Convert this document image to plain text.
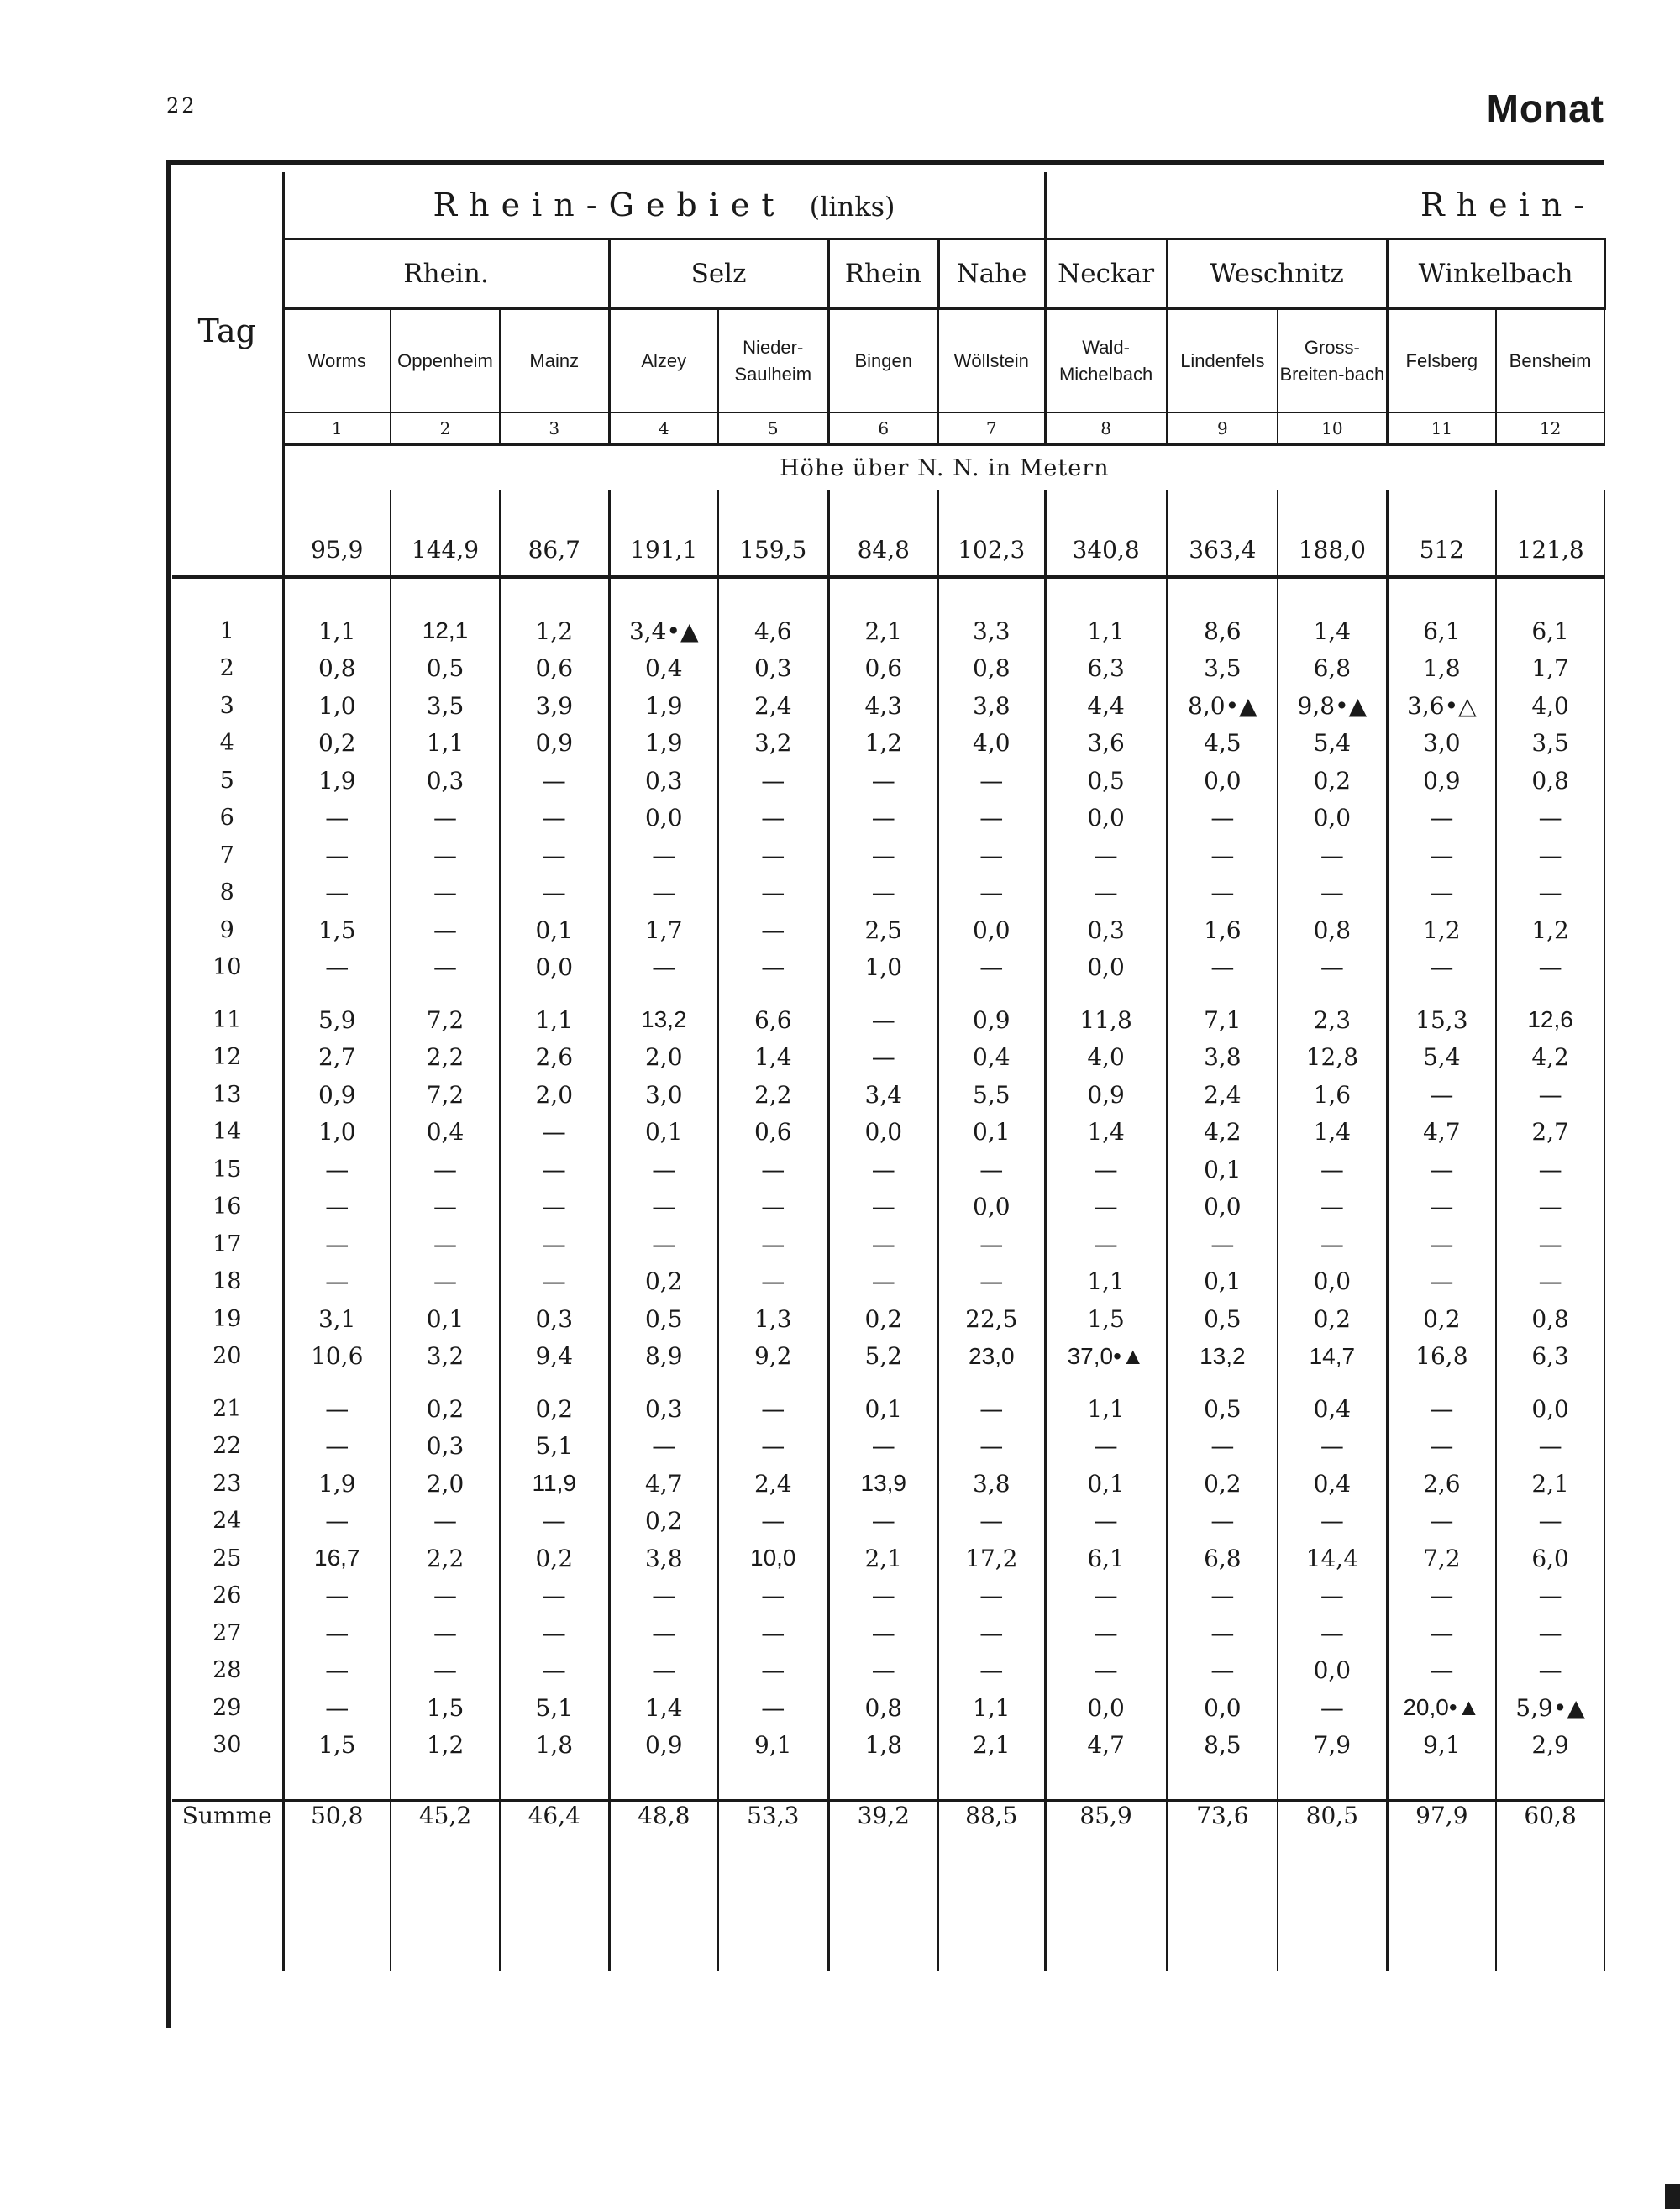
22	Monat
Tag	Rhein-Gebiet (links)							Rhein-				
	Rhein.			Selz		Rhein	Nahe	Neckar	Weschnitz		Winkelbach	
	Worms	Oppenheim	Mainz	Alzey	Nieder-Saulheim	Bingen	Wöllstein	Wald-Michelbach	Lindenfels	Gross-Breiten-bach	Felsberg	Bensheim
	1	2	3	4	5	6	7	8	9	10	11	12
	Höhe über N. N. in Metern											
	95,9	144,9	86,7	191,1	159,5	84,8	102,3	340,8	363,4	188,0	512	121,8

1	1,1	12,1	1,2	3,4•▲	4,6	2,1	3,3	1,1	8,6	1,4	6,1	6,1
2	0,8	0,5	0,6	0,4	0,3	0,6	0,8	6,3	3,5	6,8	1,8	1,7
3	1,0	3,5	3,9	1,9	2,4	4,3	3,8	4,4	8,0•▲	9,8•▲	3,6•△	4,0
4	0,2	1,1	0,9	1,9	3,2	1,2	4,0	3,6	4,5	5,4	3,0	3,5
5	1,9	0,3	—	0,3	—	—	—	0,5	0,0	0,2	0,9	0,8
6	—	—	—	0,0	—	—	—	0,0	—	0,0	—	—
7	—	—	—	—	—	—	—	—	—	—	—	—
8	—	—	—	—	—	—	—	—	—	—	—	—
9	1,5	—	0,1	1,7	—	2,5	0,0	0,3	1,6	0,8	1,2	1,2
10	—	—	0,0	—	—	1,0	—	0,0	—	—	—	—
11	5,9	7,2	1,1	13,2	6,6	—	0,9	11,8	7,1	2,3	15,3	12,6
12	2,7	2,2	2,6	2,0	1,4	—	0,4	4,0	3,8	12,8	5,4	4,2
13	0,9	7,2	2,0	3,0	2,2	3,4	5,5	0,9	2,4	1,6	—	—
14	1,0	0,4	—	0,1	0,6	0,0	0,1	1,4	4,2	1,4	4,7	2,7
15	—	—	—	—	—	—	—	—	0,1	—	—	—
16	—	—	—	—	—	—	0,0	—	0,0	—	—	—
17	—	—	—	—	—	—	—	—	—	—	—	—
18	—	—	—	0,2	—	—	—	1,1	0,1	0,0	—	—
19	3,1	0,1	0,3	0,5	1,3	0,2	22,5	1,5	0,5	0,2	0,2	0,8
20	10,6	3,2	9,4	8,9	9,2	5,2	23,0	37,0•▲	13,2	14,7	16,8	6,3
21	—	0,2	0,2	0,3	—	0,1	—	1,1	0,5	0,4	—	0,0
22	—	0,3	5,1	—	—	—	—	—	—	—	—	—
23	1,9	2,0	11,9	4,7	2,4	13,9	3,8	0,1	0,2	0,4	2,6	2,1
24	—	—	—	0,2	—	—	—	—	—	—	—	—
25	16,7	2,2	0,2	3,8	10,0	2,1	17,2	6,1	6,8	14,4	7,2	6,0
26	—	—	—	—	—	—	—	—	—	—	—	—
27	—	—	—	—	—	—	—	—	—	—	—	—
28	—	—	—	—	—	—	—	—	—	0,0	—	—
29	—	1,5	5,1	1,4	—	0,8	1,1	0,0	0,0	—	20,0•▲	5,9•▲
30	1,5	1,2	1,8	0,9	9,1	1,8	2,1	4,7	8,5	7,9	9,1	2,9

Summe	50,8	45,2	46,4	48,8	53,3	39,2	88,5	85,9	73,6	80,5	97,9	60,8
